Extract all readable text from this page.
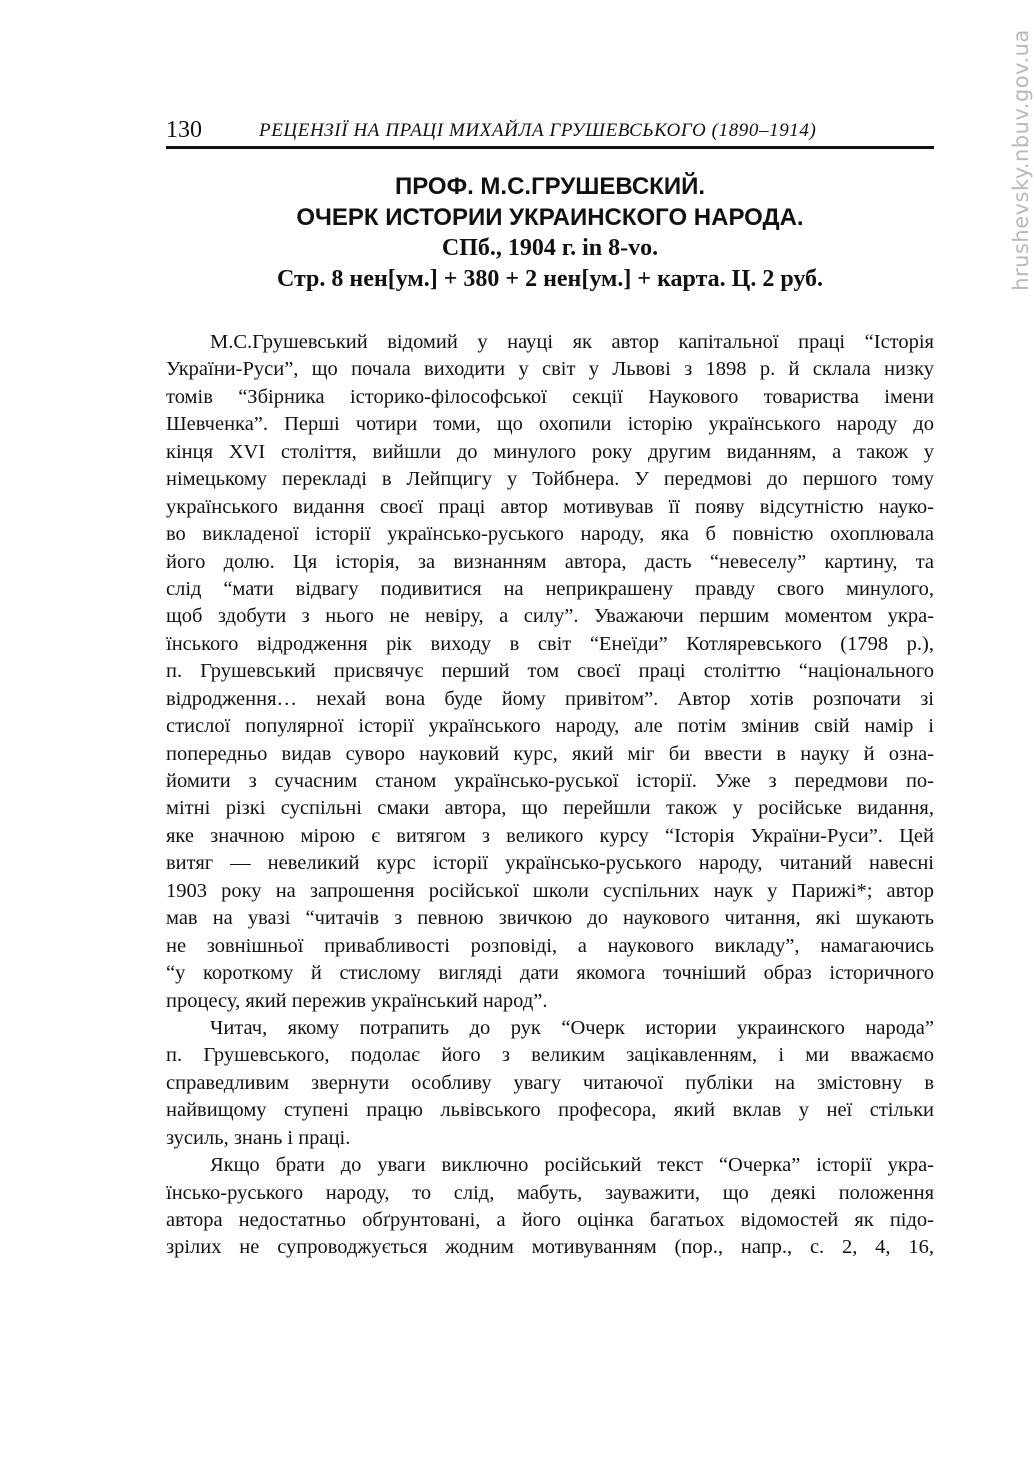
hrushevsky.nbuv.gov.ua
130	РЕЦЕНЗІЇ НА ПРАЦІ МИХАЙЛА ГРУШЕВСЬКОГО (1890–1914)
ПРОФ. М.С.ГРУШЕВСКИЙ.
ОЧЕРК ИСТОРИИ УКРАИНСКОГО НАРОДА.
СПб., 1904 г. in 8-vo.
Стр. 8 нен[ум.] + 380 + 2 нен[ум.] + карта. Ц. 2 руб.
М.С.Грушевський відомий у науці як автор капітальної праці “Історія
України-Руси”, що почала виходити у світ у Львові з 1898 р. й склала низку
томів “Збірника історико-філософської секції Наукового товариства імени
Шевченка”. Перші чотири томи, що охопили історію українського народу до
кінця XVI століття, вийшли до минулого року другим виданням, а також у
німецькому перекладі в Лейпцигу у Тойбнера. У передмові до першого тому
українського видання своєї праці автор мотивував її появу відсутністю науко-
во викладеної історії українсько-руського народу, яка б повністю охоплювала
його долю. Ця історія, за визнанням автора, дасть “невеселу” картину, та
слід “мати відвагу подивитися на неприкрашену правду свого минулого,
щоб здобути з нього не невіру, а силу”. Уважаючи першим моментом укра-
їнського відродження рік виходу в світ “Енеїди” Котляревського (1798 р.),
п. Грушевський присвячує перший том своєї праці століттю “національного
відродження… нехай вона буде йому привітом”. Автор хотів розпочати зі
стислої популярної історії українського народу, але потім змінив свій намір і
попередньо видав суворо науковий курс, який міг би ввести в науку й озна-
йомити з сучасним станом українсько-руської історії. Уже з передмови по-
мітні різкі суспільні смаки автора, що перейшли також у російське видання,
яке значною мірою є витягом з великого курсу “Історія України-Руси”. Цей
витяг — невеликий курс історії українсько-руського народу, читаний навесні
1903 року на запрошення російської школи суспільних наук у Парижі*; автор
мав на увазі “читачів з певною звичкою до наукового читання, які шукають
не зовнішньої привабливості розповіді, а наукового викладу”, намагаючись
“у короткому й стислому вигляді дати якомога точніший образ історичного
процесу, який пережив український народ”.
Читач, якому потрапить до рук “Очерк истории украинского народа”
п. Грушевського, подолає його з великим зацікавленням, і ми вважаємо
справедливим звернути особливу увагу читаючої публіки на змістовну в
найвищому ступені працю львівського професора, який вклав у неї стільки
зусиль, знань і праці.
Якщо брати до уваги виключно російський текст “Очерка” історії укра-
їнсько-руського народу, то слід, мабуть, зауважити, що деякі положення
автора недостатньо обґрунтовані, а його оцінка багатьох відомостей як підо-
зрілих не супроводжується жодним мотивуванням (пор., напр., с. 2, 4, 16,
